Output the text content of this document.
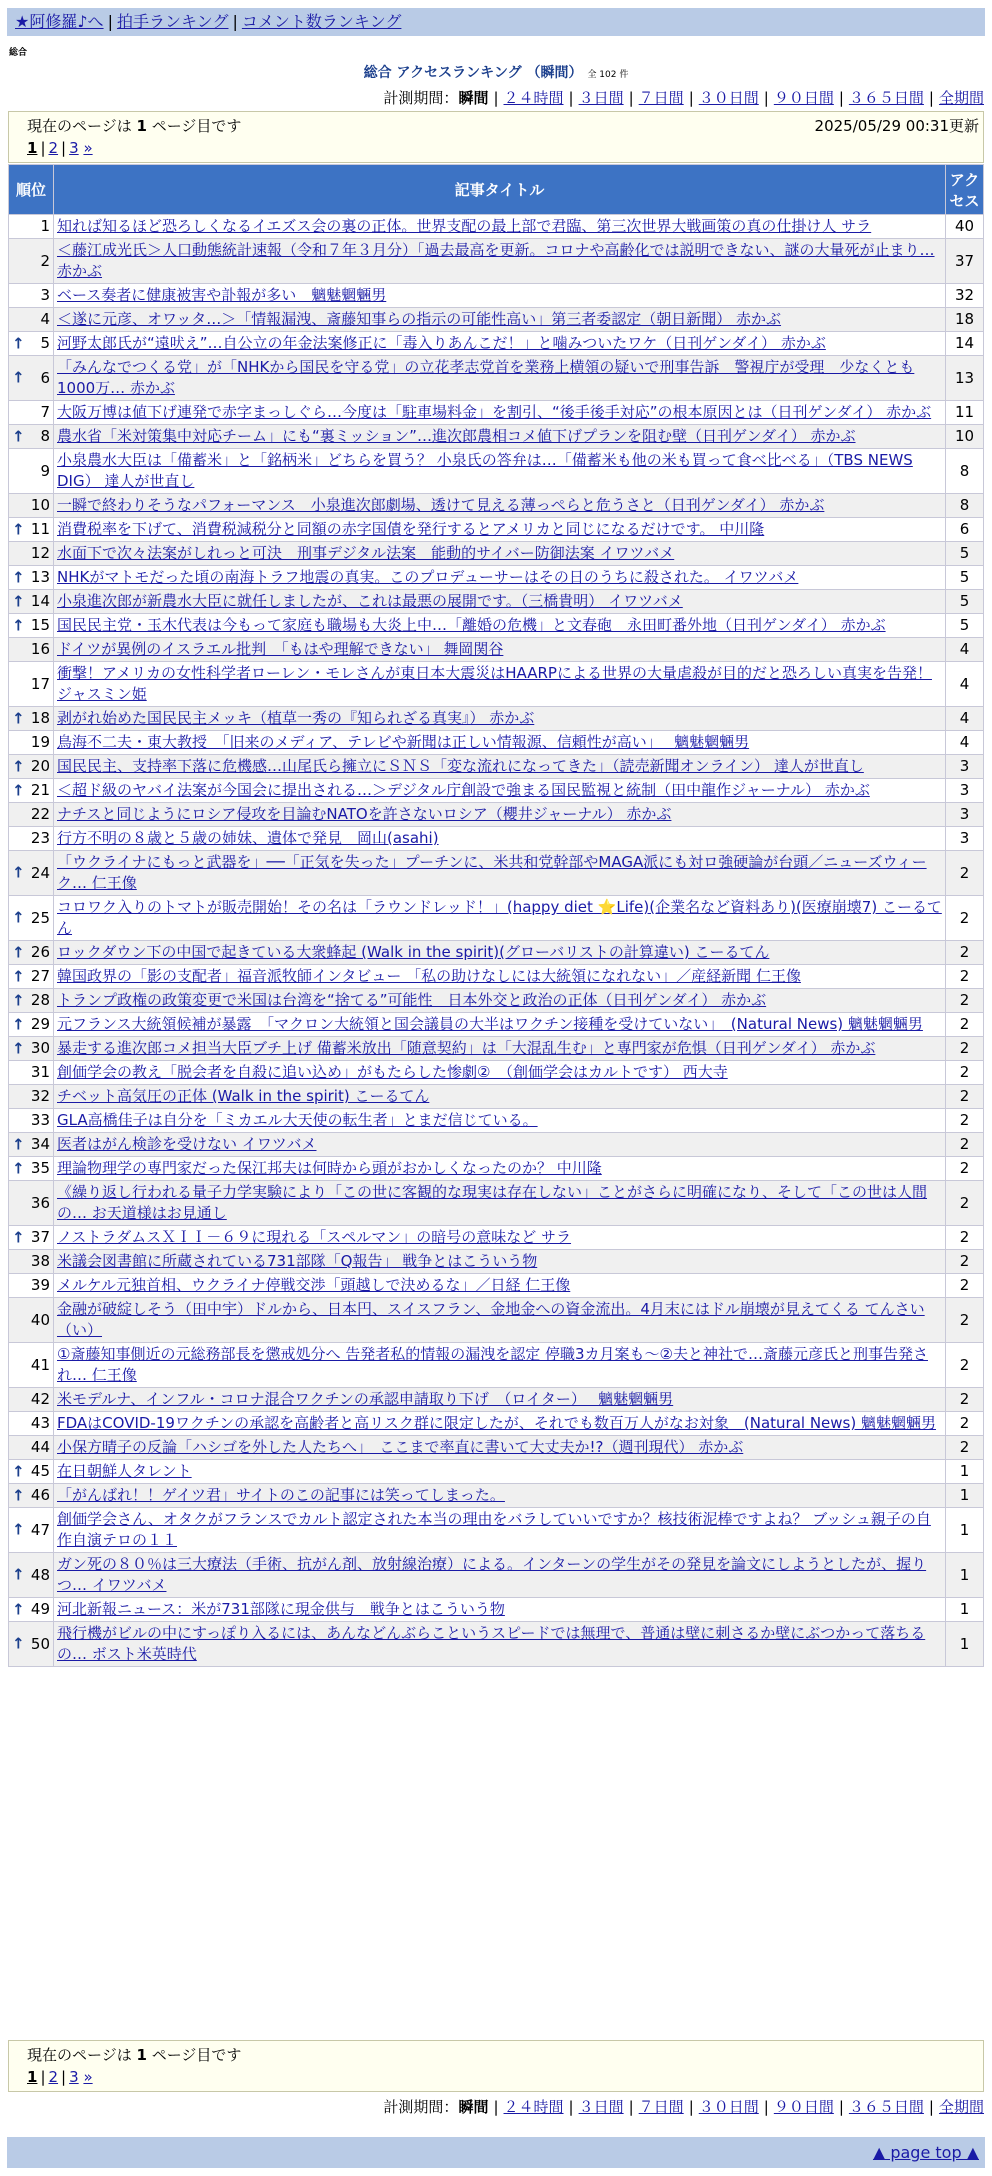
★阿修羅♪へ | 拍手ランキング | コメント数ランキング
総合
総合 アクセスランキング （瞬間） 全 102 件
計測期間：瞬間 | ２４時間 | ３日間 | ７日間 | ３０日間 | ９０日間 | ３６５日間 | 全期間
現在のページは 1 ページ目です	2025/05/29 00:31更新
1 | 2 | 3 »
順位	記事タイトル	アクセス
1	知れば知るほど恐ろしくなるイエズス会の裏の正体。世界支配の最上部で君臨、第三次世界大戦画策の真の仕掛け人 サラ	40
2	＜藤江成光氏＞人口動態統計速報（令和７年３月分）「過去最高を更新。コロナや高齢化では説明できない、謎の大量死が止まり… 赤かぶ	37
3	ベース奏者に健康被害や訃報が多い　魑魅魍魎男	32
4	＜遂に元彦、オワッタ…＞「情報漏洩、斎藤知事らの指示の可能性高い」第三者委認定（朝日新聞） 赤かぶ	18

↑ 5	河野太郎氏が“遠吠え”…自公立の年金法案修正に「毒入りあんこだ！」と噛みついたワケ（日刊ゲンダイ） 赤かぶ	14

↑ 6	「みんなでつくる党」が「NHKから国民を守る党」の立花孝志党首を業務上横領の疑いで刑事告訴　警視庁が受理　少なくとも1000万… 赤かぶ	13
7	大阪万博は値下げ連発で赤字まっしぐら…今度は「駐車場料金」を割引、“後手後手対応”の根本原因とは（日刊ゲンダイ） 赤かぶ	11

↑ 8	農水省「米対策集中対応チーム」にも“裏ミッション”…進次郎農相コメ値下げプランを阻む壁（日刊ゲンダイ） 赤かぶ	10
9	小泉農水大臣は「備蓄米」と「銘柄米」どちらを買う？ 小泉氏の答弁は…「備蓄米も他の米も買って食べ比べる」（TBS NEWS DIG） 達人が世直し	8
10	一瞬で終わりそうなパフォーマンス　小泉進次郎劇場、透けて見える薄っぺらと危うさと（日刊ゲンダイ） 赤かぶ	8

↑ 11	消費税率を下げて、消費税減税分と同額の赤字国債を発行するとアメリカと同じになるだけです。 中川隆	6
12	水面下で次々法案がしれっと可決　刑事デジタル法案　能動的サイバー防御法案 イワツバメ	5

↑ 13	NHKがマトモだった頃の南海トラフ地震の真実。このプロデューサーはその日のうちに殺された。 イワツバメ	5

↑ 14	小泉進次郎が新農水大臣に就任しましたが、これは最悪の展開です。（三橋貴明） イワツバメ	5

↑ 15	国民民主党・玉木代表は今もって家庭も職場も大炎上中…「離婚の危機」と文春砲　永田町番外地（日刊ゲンダイ） 赤かぶ	5
16	ドイツが異例のイスラエル批判　「もはや理解できない」 舞岡関谷	4
17	衝撃！アメリカの女性科学者ローレン・モレさんが東日本大震災はHAARPによる世界の大量虐殺が目的だと恐ろしい真実を告発！ ジャスミン姫	4

↑ 18	剥がれ始めた国民民主メッキ（植草一秀の『知られざる真実』） 赤かぶ	4
19	鳥海不二夫・東大教授　「旧来のメディア、テレビや新聞は正しい情報源、信頼性が高い」　 魑魅魍魎男	4

↑ 20	国民民主、支持率下落に危機感…山尾氏ら擁立にＳＮＳ「変な流れになってきた」（読売新聞オンライン） 達人が世直し	3

↑ 21	＜超ド級のヤバイ法案が今国会に提出される…＞デジタル庁創設で強まる国民監視と統制（田中龍作ジャーナル） 赤かぶ	3
22	ナチスと同じようにロシア侵攻を目論むNATOを許さないロシア（櫻井ジャーナル） 赤かぶ	3
23	行方不明の８歳と５歳の姉妹、遺体で発見　岡山(asahi)	3

↑ 24	「ウクライナにもっと武器を」──「正気を失った」プーチンに、米共和党幹部やMAGA派にも対ロ強硬論が台頭／ニューズウィーク… 仁王像	2

↑ 25	コロワク入りのトマトが販売開始！その名は「ラウンドレッド！」(happy diet ⭐Life)(企業名など資料あり)(医療崩壊7) こーるてん	2

↑ 26	ロックダウン下の中国で起きている大衆蜂起 (Walk in the spirit)(グローバリストの計算違い) こーるてん	2

↑ 27	韓国政界の「影の支配者」福音派牧師インタビュー 「私の助けなしには大統領になれない」／産経新聞 仁王像	2

↑ 28	トランプ政権の政策変更で米国は台湾を“捨てる”可能性　日本外交と政治の正体（日刊ゲンダイ） 赤かぶ	2

↑ 29	元フランス大統領候補が暴露　「マクロン大統領と国会議員の大半はワクチン接種を受けていない」　(Natural News) 魑魅魍魎男	2

↑ 30	暴走する進次郎コメ担当大臣ブチ上げ 備蓄米放出「随意契約」は「大混乱生む」と専門家が危惧（日刊ゲンダイ） 赤かぶ	2
31	創価学会の教え「脱会者を自殺に追い込め」がもたらした惨劇②　（創価学会はカルトです） 西大寺	2
32	チベット高気圧の正体 (Walk in the spirit) こーるてん	2
33	GLA高橋佳子は自分を「ミカエル大天使の転生者」とまだ信じている。	2

↑ 34	医者はがん検診を受けない イワツバメ	2

↑ 35	理論物理学の専門家だった保江邦夫は何時から頭がおかしくなったのか？ 中川隆	2
36	《繰り返し行われる量子力学実験により「この世に客観的な現実は存在しない」ことがさらに明確になり、そして「この世は人間の… お天道様はお見通し	2

↑ 37	ノストラダムスＸＩＩ－６９に現れる「スペルマン」の暗号の意味など サラ	2
38	米議会図書館に所蔵されている731部隊「Q報告」 戦争とはこういう物	2
39	メルケル元独首相、ウクライナ停戦交渉「頭越しで決めるな」／日経 仁王像	2
40	金融が破綻しそう（田中宇）ドルから、日本円、スイスフラン、金地金への資金流出。4月末にはドル崩壊が見えてくる てんさい（い）	2
41	①斎藤知事側近の元総務部長を懲戒処分へ 告発者私的情報の漏洩を認定 停職3カ月案も～②夫と神社で…斎藤元彦氏と刑事告発され… 仁王像	2
42	米モデルナ、インフル・コロナ混合ワクチンの承認申請取り下げ　（ロイター）　 魑魅魍魎男	2
43	FDAはCOVID-19ワクチンの承認を高齢者と高リスク群に限定したが、それでも数百万人がなお対象　(Natural News) 魑魅魍魎男	2
44	小保方晴子の反論「ハシゴを外した人たちへ」　ここまで率直に書いて大丈夫か!?（週刊現代） 赤かぶ	2

↑ 45	在日朝鮮人タレント	1

↑ 46	「がんばれ！！ゲイツ君」サイトのこの記事には笑ってしまった。	1

↑ 47	創価学会さん、オタクがフランスでカルト認定された本当の理由をバラしていいですか？核技術泥棒ですよね？ ブッシュ親子の自作自演テロの１１	1

↑ 48	ガン死の８０％は三大療法（手術、抗がん剤、放射線治療）による。インターンの学生がその発見を論文にしようとしたが、握りつ… イワツバメ	1

↑ 49	河北新報ニュース：米が731部隊に現金供与　戦争とはこういう物	1

↑ 50	飛行機がビルの中にすっぽり入るには、あんなどんぶらこというスピードでは無理で、普通は壁に刺さるか壁にぶつかって落ちるの… ボスト米英時代	1
現在のページは 1 ページ目です
1 | 2 | 3 »
計測期間：瞬間 | ２４時間 | ３日間 | ７日間 | ３０日間 | ９０日間 | ３６５日間 | 全期間
▲ page top ▲
